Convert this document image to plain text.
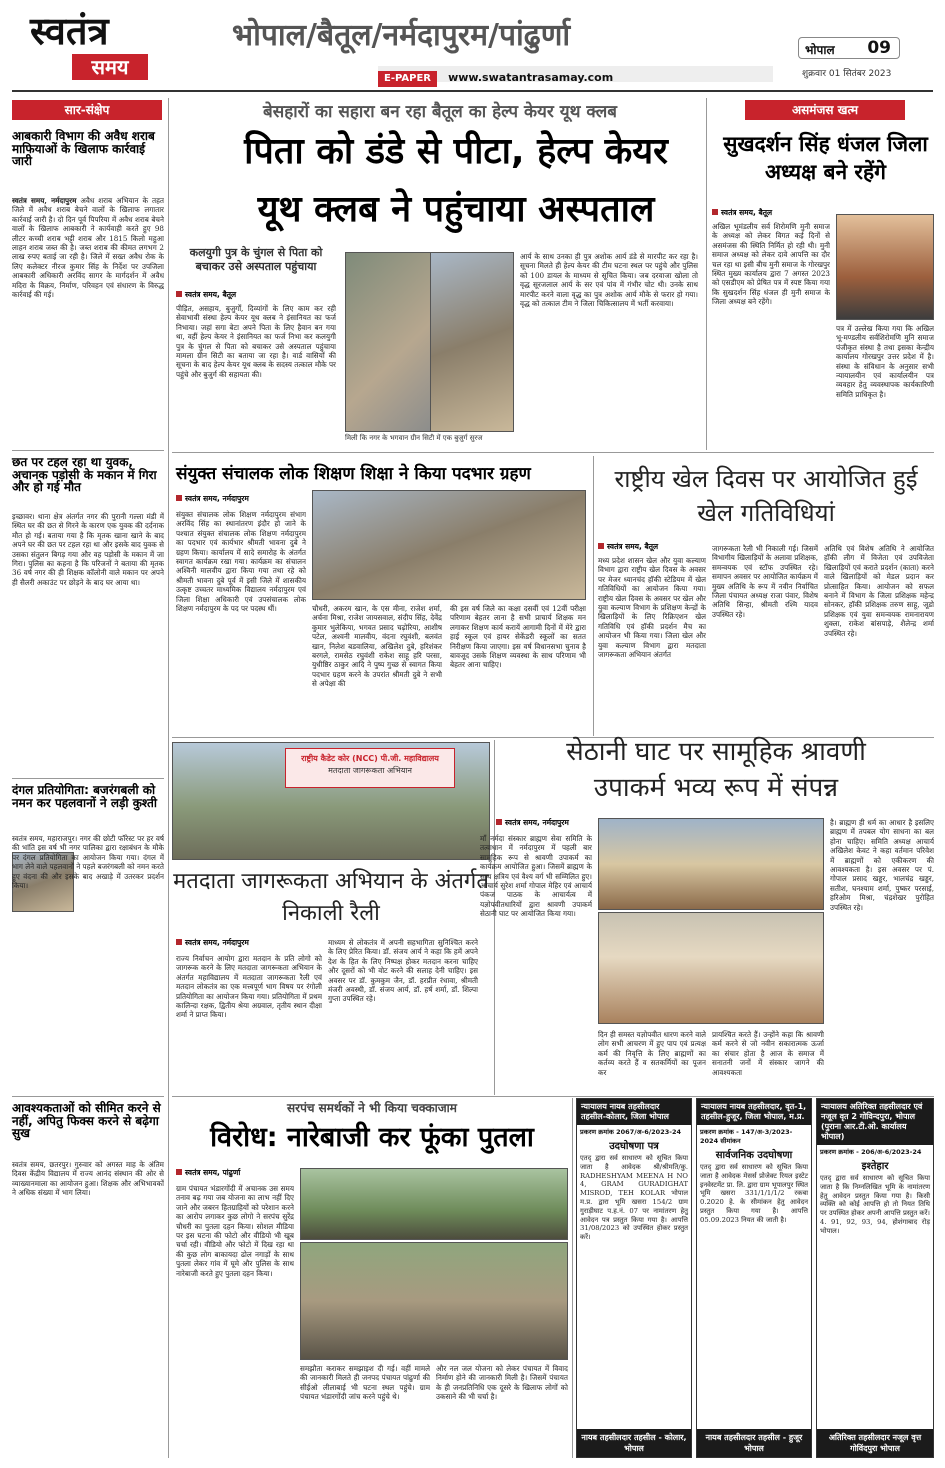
स्वतंत्र
समय
भोपाल/बैतूल/नर्मदापुरम/पांढुर्णा
E-PAPER www.swatantrasamay.com
भोपाल 09
शुक्रवार 01 सितंबर 2023
सार-संक्षेप
आबकारी विभाग की अवैध शराब माफियाओं के खिलाफ कार्रवाई जारी
स्वतंत्र समय, नर्मदापुरम अवैध शराब अभियान के तहत जिले में अवैध शराब बेचने वालों के खिलाफ लगातार कार्रवाई जारी है। दो दिन पूर्व पिपरिया में अवैध शराब बेचने वालों के खिलाफ आबकारी ने कार्यवाही करते हुए 98 लीटर कच्ची शराब भट्टी शराब और 1815 किलो महुआ लाहन शराब जब्त की है। जब्त शराब की कीमत लगभग 2 लाख रुपए बताई जा रही है। जिले में सख्त अवैध रोक के लिए कलेक्टर नीरज कुमार सिंह के निर्देश पर उपजिला आबकारी अधिकारी अरविंद सागर के मार्गदर्शन में अवैध मदिरा के विक्रय, निर्माण, परिवहन एवं संधारण के विरुद्ध कार्रवाई की गई।
छत पर टहल रहा था युवक, अचानक पड़ोसी के मकान में गिरा और हो गई मौत
इच्छावर। थाना क्षेत्र अंतर्गत नगर की पुरानी गल्ला मंडी में स्थित घर की छत से गिरने के कारण एक युवक की दर्दनाक मौत हो गई। बताया गया है कि मृतक खाना खाने के बाद अपने घर की छत पर टहल रहा था और इसके बाद युवक से उसका संतुलन बिगड़ गया और वह पड़ोसी के मकान में जा गिरा। पुलिस का कहना है कि परिजनों ने बताया की मृतक 36 वर्ष नगर की ही शिक्षक कॉलोनी वाले मकान पर अपने ही सैलरी अकाउंट पर छोड़ने के बाद घर आया था।
दंगल प्रतियोगिता: बजरंगबली को नमन कर पहलवानों ने लड़ी कुश्ती
स्वतंत्र समय, महाराजपुर। नगर की छोटी फॉरेस्ट पर हर वर्ष की भांति इस वर्ष भी नगर पालिका द्वारा रक्षाबंधन के मौके पर दंगल प्रतियोगिता का आयोजन किया गया। दंगल में भाग लेने वाले पहलवानों ने पहले बजरंगबली को नमन करते हुए वंदना की और इसके बाद अखाड़े में उतरकर प्रदर्शन किया।
आवश्यकताओं को सीमित करने से नहीं, अपितु फिक्स करने से बढ़ेगा सुख
स्वतंत्र समय, छतरपुर। गुरुवार को अगस्त माह के अंतिम दिवस केंद्रीय विद्यालय में राज्य आनंद संस्थान की ओर से व्याख्यानमाला का आयोजन हुआ। शिक्षक और अभिभावकों ने अधिक संख्या में भाग लिया।
बेसहारों का सहारा बन रहा बैतूल का हेल्प केयर यूथ क्लब
पिता को डंडे से पीटा, हेल्प केयर
यूथ क्लब ने पहुंचाया अस्पताल
कलयुगी पुत्र के चुंगल से पिता को बचाकर उसे अस्पताल पहुंचाया
स्वतंत्र समय, बैतूल
पीड़ित, असहाय, बुजुर्गों, दिव्यांगों के लिए काम कर रही सेवाभावी संस्था हेल्प केयर यूथ क्लब ने इंसानियत का फर्ज निभाया। जहां सगा बेटा अपने पिता के लिए हैवान बन गया था, वहीं हेल्प केयर ने इंसानियत का फर्ज निभा कर कलयुगी पुत्र के चुंगल से पिता को बचाकर उसे अस्पताल पहुंचाया मामला ग्रीन सिटी का बताया जा रहा है। वार्ड वासियों की सूचना के बाद हेल्प केयर यूथ क्लब के सदस्य तत्काल मौके पर पहुंचे और बुजुर्ग की सहायता की।
मिली कि नगर के भगवान ग्रीन सिटी में एक बुजुर्ग सुरज
आर्य के साथ उनका ही पुत्र अशोक आर्य डंडे से मारपीट कर रहा है। सूचना मिलते ही हेल्प केयर की टीम घटना स्थल पर पहुंचे और पुलिस को 100 डायल के माध्यम से सूचित किया। जब दरवाजा खोला तो वृद्ध सूरजलाल आर्य के सर एवं पांव में गंभीर चोट थी। उनके साथ मारपीट करने वाला वृद्ध का पुत्र अशोक आर्य मौके से फरार हो गया। वृद्ध को तत्काल टीम ने जिला चिकित्सालय में भर्ती करवाया।
असमंजस खत्म
सुखदर्शन सिंह धंजल जिला अध्यक्ष बने रहेंगे
स्वतंत्र समय, बैतूल
अखिल भूमंडलीय सर्व शिरोमणि मुनी समाज के अध्यक्ष को लेकर विगत कई दिनों से असमंजस की स्थिति निर्मित हो रही थी। मुनी समाज अध्यक्ष को लेकर दावे आपत्ति का दौर चल रहा था इसी बीच मुनी समाज के गोरखपुर स्थित मुख्य कार्यालय द्वारा 7 अगस्त 2023 को एसडीएम को प्रेषित पत्र में स्पष्ट किया गया कि सुखदर्शन सिंह धंजल ही मुनी समाज के जिला अध्यक्ष बने रहेंगे।
पत्र में उल्लेख किया गया कि अखिल भू-मण्डलीय सर्वशिरोमणि मुनि समाज पंजीकृत संस्था है तथा इसका केन्द्रीय कार्यालय गोरखपुर उत्तर प्रदेश में है। संस्था के संविधान के अनुसार सभी न्यायालयीन एवं कार्यालयीन पत्र व्यवहार हेतु व्यवस्थापक कार्यकारिणी समिति प्राधिकृत है।
संयुक्त संचालक लोक शिक्षण शिक्षा ने किया पदभार ग्रहण
स्वतंत्र समय, नर्मदापुरम
संयुक्त संचालक लोक शिक्षण नर्मदापुरम संभाग अरविंद सिंह का स्थानांतरण इंदौर हो जाने के पश्चात संयुक्त संचालक लोक शिक्षण नर्मदापुरम का पदभार एवं कार्यभार श्रीमती भावना दुबे ने ग्रहण किया। कार्यालय में सादे समारोह के अंतर्गत स्वागत कार्यक्रम रखा गया। कार्यक्रम का संचालन अश्विनी मालवीय द्वारा किया गया तथा रहे को श्रीमती भावना दुबे पूर्व में इसी जिले में शासकीय उत्कृष्ट उच्चतर माध्यमिक विद्यालय नर्मदापुरम एवं जिला शिक्षा अधिकारी एवं उपसंचालक लोक शिक्षण नर्मदापुरम के पद पर पदस्थ थीं।	चौधरी, अकरम खान, के एस मीना, राजेश शर्मा, अर्चना मिश्रा, राजेश जायसवाल, संदीप सिंह, देवेंद्र कुमार भुलेकिया, भगवत प्रसाद चढ़ोरिया, आशीष पटेल, अश्वनी मालवीय, वंदना रघुवंशी, बलवंत खान, निलेश बडवालिया, अखिलेश दुबे, हरिशंकर बरगले, रामसेठ रघुवंशी राकेश साहू हरि परसा, युधीष्ठिर ठाकुर आदि ने पुष्प गुच्छ से स्वागत किया पदभार ग्रहण करने के उपरांत श्रीमती दुबे ने सभी से अपेक्षा की
की इस वर्ष जिले का कक्षा दसवीं एवं 12वीं परीक्षा परिणाम बेहतर लाना है सभी प्राचार्य शिक्षक मन लगाकर शिक्षण कार्य करायें आगामी दिनों में मेरे द्वारा हाई स्कूल एवं हायर सेकेंडरी स्कूलों का सतत निरीक्षण किया जाएगा। इस वर्ष विधानसभा चुनाव है बावजूद उसके शिक्षण व्यवस्था के साथ परिणाम भी बेहतर आना चाहिए।
राष्ट्रीय खेल दिवस पर आयोजित हुई खेल गतिविधियां
स्वतंत्र समय, बैतूल
मध्य प्रदेश शासन खेल और युवा कल्याण विभाग द्वारा राष्ट्रीय खेल दिवस के अवसर पर मेजर ध्यानचंद हॉकी स्टेडियम में खेल गतिविधियों का आयोजन किया गया। राष्ट्रीय खेल दिवस के अवसर पर खेल और युवा कल्याण विभाग के प्रशिक्षण केन्द्रों के खिलाड़ियों के लिए रिक्रिएशन खेल गतिविधि एवं हॉकी प्रदर्शन मैच का आयोजन भी किया गया। जिला खेल और युवा कल्याण विभाग द्वारा मतदाता जागरूकता अभियान अंतर्गत
जागरूकता रैली भी निकाली गई। जिसमें विभागीय खिलाड़ियों के अलावा प्रशिक्षक, समन्वयक एवं स्टॉफ उपस्थित रहे। समापन अवसर पर आयोजित कार्यक्रम में मुख्य अतिथि के रूप में नवीन निर्वाचित जिला पंचायत अध्यक्ष राजा पंवार, विशेष अतिथि सिन्हा, श्रीमती रश्मि यादव उपस्थित रहे।
अतिथि एवं विशेष अतिथि ने आयोजित हॉकी लीग में विजेता एवं उपविजेता खिलाड़ियों एवं कराते प्रदर्शन (काता) करने वाले खिलाड़ियों को मेडल प्रदान कर प्रोत्साहित किया। आयोजन को सफल बनाने में विभाग के जिला प्रशिक्षक महेन्द्र सोनकर, हॉकी प्रशिक्षक तरुण साहू, जूडो प्रशिक्षक एवं युवा समन्वयक रामनारायण शुक्ला, राकेश बांसपाड़े, शैलेन्द्र शर्मा उपस्थित रहे।
राष्ट्रीय कैडेट कोर (NCC) पी.जी. महाविद्यालय
मतदाता जागरूकता अभियान
मतदाता जागरूकता अभियान के अंतर्गत निकाली रैली
स्वतंत्र समय, नर्मदापुरम
राज्य निर्वाचन आयोग द्वारा मतदान के प्रति लोगो को जागरूक करने के लिए मतदाता जागरूकता अभियान के अंतर्गत महाविद्यालय में मतदाता जागरूकता रैली एवं मतदान लोकतंत्र का एक मत्त्वपूर्ण भाग विषय पर रंगोली प्रतियोगिता का आयोजन किया गया। प्रतियोगिता में प्रथम कालिन्दा रक्षक, द्वितीय श्रेया अग्रवाल, तृतीय स्थान दीक्षा शर्मा ने प्राप्त किया।
माध्यम से लोकतंत्र में अपनी सहभागिता सुनिश्चित करने के लिए प्रेरित किया। डॉ. संजय आर्य ने कहा कि हमें अपने देश के हित के लिए निष्पक्ष होकर मतदान करना चाहिए और दूसरों को भी वोट करने की सलाह देनी चाहिए। इस अवसर पर डॉ. कुमकुम जैन, डॉ. हरप्रीत रंधावा, श्रीमती मंजरी अवस्थी, डॉ. संजय आर्य, डॉ. हर्ष शर्मा, डॉ. शिल्पा गुप्ता उपस्थित रहे।
सेठानी घाट पर सामूहिक श्रावणी
उपाकर्म भव्य रूप में संपन्न
स्वतंत्र समय, नर्मदापुरम
माँ नर्मदा संस्कार ब्राह्मण सेवा समिति के तत्वाधान में नर्मदापुरम में पहली बार सामूहिक रूप से श्रावणी उपाकर्म का कार्यक्रम आयोजित हुआ। जिसमें ब्राह्मण के साथ क्षत्रिय एवं वैश्य वर्ग भी सम्मिलित हुए। आचार्य सुरेश शर्मा गोपाल मेहिर एवं आचार्य पंकज पाठक के आचार्यत्व में यज्ञोपवीतधारियों द्वारा श्रावणी उपाकर्म सेठानी घाट पर आयोजित किया गया।
दिन ही समस्त यज्ञोपवीत धारण करने वाले लोग सभी आचरण में हुए पाप एवं प्रत्यक्ष कर्म की निवृत्ति के लिए ब्राह्मणों का कर्तव्य करते हैं व सतकर्मियों का पूजन कर
प्रायश्चित करते हैं। उन्होंने कहा कि श्रावणी कर्म करने से जो नवीन सकारात्मक ऊर्जा का संचार होता है आज के समाज में सनातनी जनों में संस्कार जागने की आवश्यकता
है। ब्राह्मण ही धर्म का आधार है इसलिए ब्राह्मण में तपबल योग साधना का बल होना चाहिए। समिति अध्यक्ष आचार्य अखिलेश केवट ने कहा वर्तमान परिवेश में ब्राह्मणों को एकीकरण की आवश्यकता है। इस अवसर पर पं. गोपाल प्रसाद खड्डर, भालचंद्र खड्डर, सतीश, घनश्याम शर्मा, पुष्कर परसाई, हरिओम मिश्रा, चंद्रशेखर पुरोहित उपस्थित रहे।
सरपंच समर्थकों ने भी किया चक्काजाम
विरोध: नारेबाजी कर फूंका पुतला
स्वतंत्र समय, पांढुर्णा
ग्राम पंचायत भंडारगोंदी में अचानक उस समय तनाव बढ़ गया जब योजना का लाभ नहीं दिए जाने और जबरन हितग्राहियों को परेशान करने का आरोप लगाकर कुछ लोगो ने सरपंच सुरेंद्र चौधरी का पुतला दहन किया। सोशल मीडिया पर इस घटना की फोटो और वीडियो भी खूब चर्चा रही। वीडियो और फोटो में दिख रहा था की कुछ लोग बाकायदा ढोल नगाड़ों के साथ पुतला लेकर गांव में घूमे और पुलिस के साथ नारेबाजी करते हुए पुतला दहन किया।
समझौता कराकर समझाइश दी गई। वहीं मामले की जानकारी मिलते ही जनपद पंचायत पांढुर्णा की सीईओ लीलाबाई भी घटना स्थल पहुंचे। ग्राम पंचायत भंडारगोंदी जांच करने पहुंचे थे।
और नल जल योजना को लेकर पंचायत में विवाद निर्माण होने की जानकारी मिली है। जिसमें पंचायत के ही जनप्रतिनिधि एक दूसरे के खिलाफ लोगों को उकसाने की भी चर्चा है।
न्यायालय नायब तहसीलदार तहसील-कोलार, जिला भोपाल
प्रकरण क्रमांक 2067/अ-6/2023-24
उदघोषणा पत्र
एतद् द्वारा सर्व साधारण को सूचित किया जाता है आवेदक श्री/श्रीमति/कु. RADHESHYAM MEENA H NO 4, GRAM GURADIGHAT MISROD, TEH KOLAR भोपाल म.प्र. द्वारा भूमि खसरा 154/2 ग्राम गुराड़ीघाट प.ह.नं. 07 पर नामांतरण हेतु आवेदन पत्र प्रस्तुत किया गया है। आपत्ति 31/08/2023 को उपस्थित होकर प्रस्तुत करें।
नायब तहसीलदार तहसील - कोलार, भोपाल
न्यायालय नायब तहसीलदार, वृत-1, तहसील-हुजूर, जिला भोपाल, म.प्र.
प्रकरण क्रमांक - 147/अ-3/2023-2024 सीमांकन
सार्वजनिक उदघोषणा
एतद् द्वारा सर्व साधारण को सूचित किया जाता है आवेदक मेसर्स प्रोजेक्ट रियल इस्टेट इनवेस्टमेंट प्रा. लि. द्वारा ग्राम भूपालपुर स्थित भूमि खसरा 331/1/1/1/2 रकबा 0.2020 हे. के सीमांकन हेतु आवेदन प्रस्तुत किया गया है। आपत्ति 05.09.2023 नियत की जाती है।
नायब तहसीलदार तहसील - हुजूर भोपाल
न्यायालय अतिरिक्त तहसीलदार एवं नजूल वृत 2 गोविन्दपुरा, भोपाल (पुराना आर.टी.ओ. कार्यालय भोपाल)
प्रकरण क्रमांक - 206/अ-6/2023-24
इश्तेहार
एतद् द्वारा सर्व साधारण को सूचित किया जाता है कि निम्नलिखित भूमि के नामांतरण हेतु आवेदन प्रस्तुत किया गया है। किसी व्यक्ति को कोई आपत्ति हो तो नियत तिथि पर उपस्थित होकर अपनी आपत्ति प्रस्तुत करें। 4. 91, 92, 93, 94, होशंगाबाद रोड़ भोपाल।
अतिरिक्त तहसीलदार नजूल वृत्त गोविंदपुरा भोपाल
